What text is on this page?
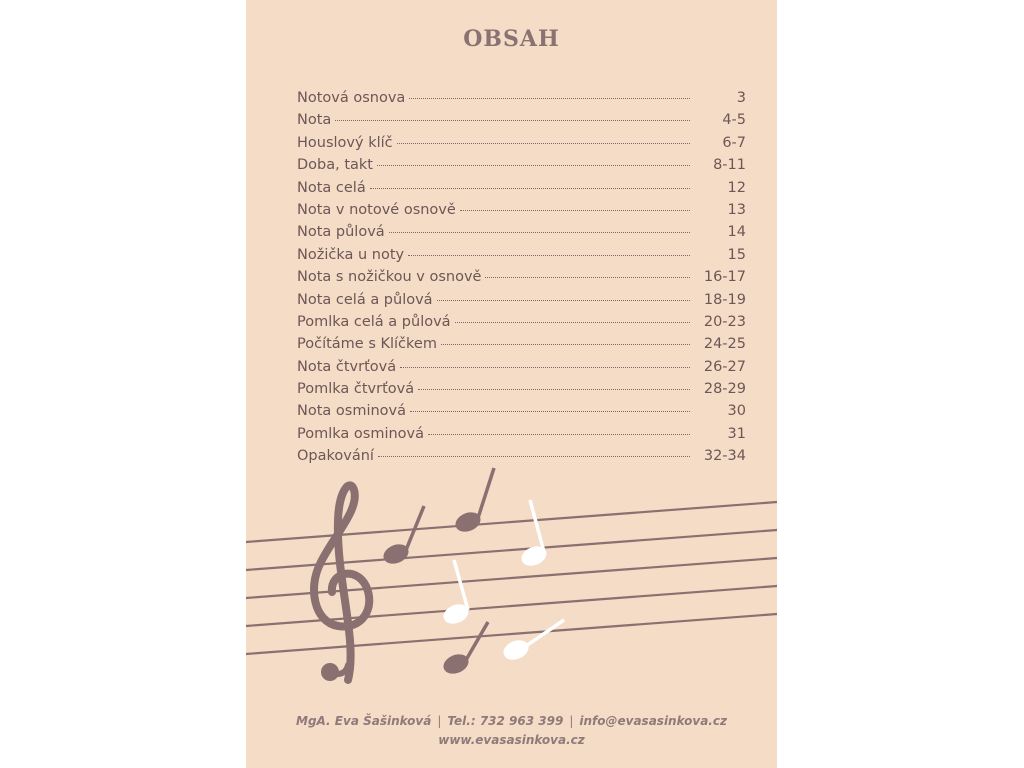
OBSAH
Notová osnova	3
Nota	4-5
Houslový klíč	6-7
Doba, takt	8-11
Nota celá	12
Nota v notové osnově	13
Nota půlová	14
Nožička u noty	15
Nota s nožičkou v osnově	16-17
Nota celá a půlová	18-19
Pomlka celá a půlová	20-23
Počítáme s Klíčkem	24-25
Nota čtvrťová	26-27
Pomlka čtvrťová	28-29
Nota osminová	30
Pomlka osminová	31
Opakování	32-34
MgA. Eva Šašinková | Tel.: 732 963 399 | info@evasasinkova.cz
www.evasasinkova.cz
